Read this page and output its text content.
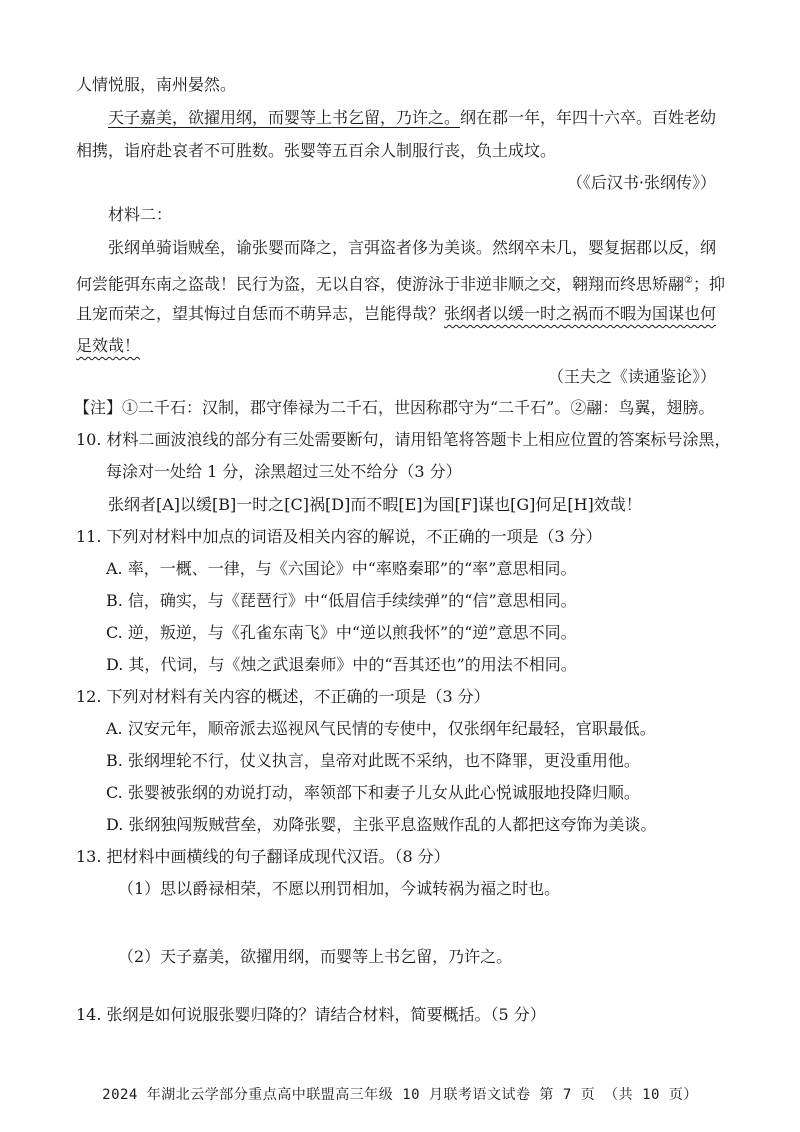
人情悦服，南州晏然。
天子嘉美，欲擢用纲，而婴等上书乞留，乃许之。纲在郡一年，年四十六卒。百姓老幼
相携，诣府赴哀者不可胜数。张婴等五百余人制服行丧，负土成坟。
（《后汉书·张纲传》）
材料二：
张纲单骑诣贼垒，谕张婴而降之，言弭盗者侈为美谈。然纲卒未几，婴复据郡以反，纲
何尝能弭东南之盗哉！民行为盗，无以自容，使游泳于非逆非顺之交，翱翔而终思矫翮②；抑
且宠而荣之，望其悔过自恁而不萌异志，岂能得哉？张纲者以缓一时之祸而不暇为国谋也何
足效哉！
（王夫之《读通鉴论》）
【注】①二千石：汉制，郡守俸禄为二千石，世因称郡守为“二千石”。②翮：鸟翼，翅膀。
10. 材料二画波浪线的部分有三处需要断句，请用铅笔将答题卡上相应位置的答案标号涂黑，
每涂对一处给 1 分，涂黑超过三处不给分（3 分）
张纲者[A]以缓[B]一时之[C]祸[D]而不暇[E]为国[F]谋也[G]何足[H]效哉！
11. 下列对材料中加点的词语及相关内容的解说，不正确的一项是（3 分）
A. 率，一概、一律，与《六国论》中“率赂秦耶”的“率”意思相同。
B. 信，确实，与《琵琶行》中“低眉信手续续弹”的“信”意思相同。
C. 逆，叛逆，与《孔雀东南飞》中“逆以煎我怀”的“逆”意思不同。
D. 其，代词，与《烛之武退秦师》中的“吾其还也”的用法不相同。
12. 下列对材料有关内容的概述，不正确的一项是（3 分）
A. 汉安元年，顺帝派去巡视风气民情的专使中，仅张纲年纪最轻，官职最低。
B. 张纲埋轮不行，仗义执言，皇帝对此既不采纳，也不降罪，更没重用他。
C. 张婴被张纲的劝说打动，率领部下和妻子儿女从此心悦诚服地投降归顺。
D. 张纲独闯叛贼营垒，劝降张婴，主张平息盗贼作乱的人都把这夸饰为美谈。
13. 把材料中画横线的句子翻译成现代汉语。（8 分）
（1）思以爵禄相荣，不愿以刑罚相加，今诚转祸为福之时也。
（2）天子嘉美，欲擢用纲，而婴等上书乞留，乃许之。
14. 张纲是如何说服张婴归降的？请结合材料，简要概括。（5 分）
2024 年湖北云学部分重点高中联盟高三年级 10 月联考语文试卷 第 7 页 （共 10 页）
